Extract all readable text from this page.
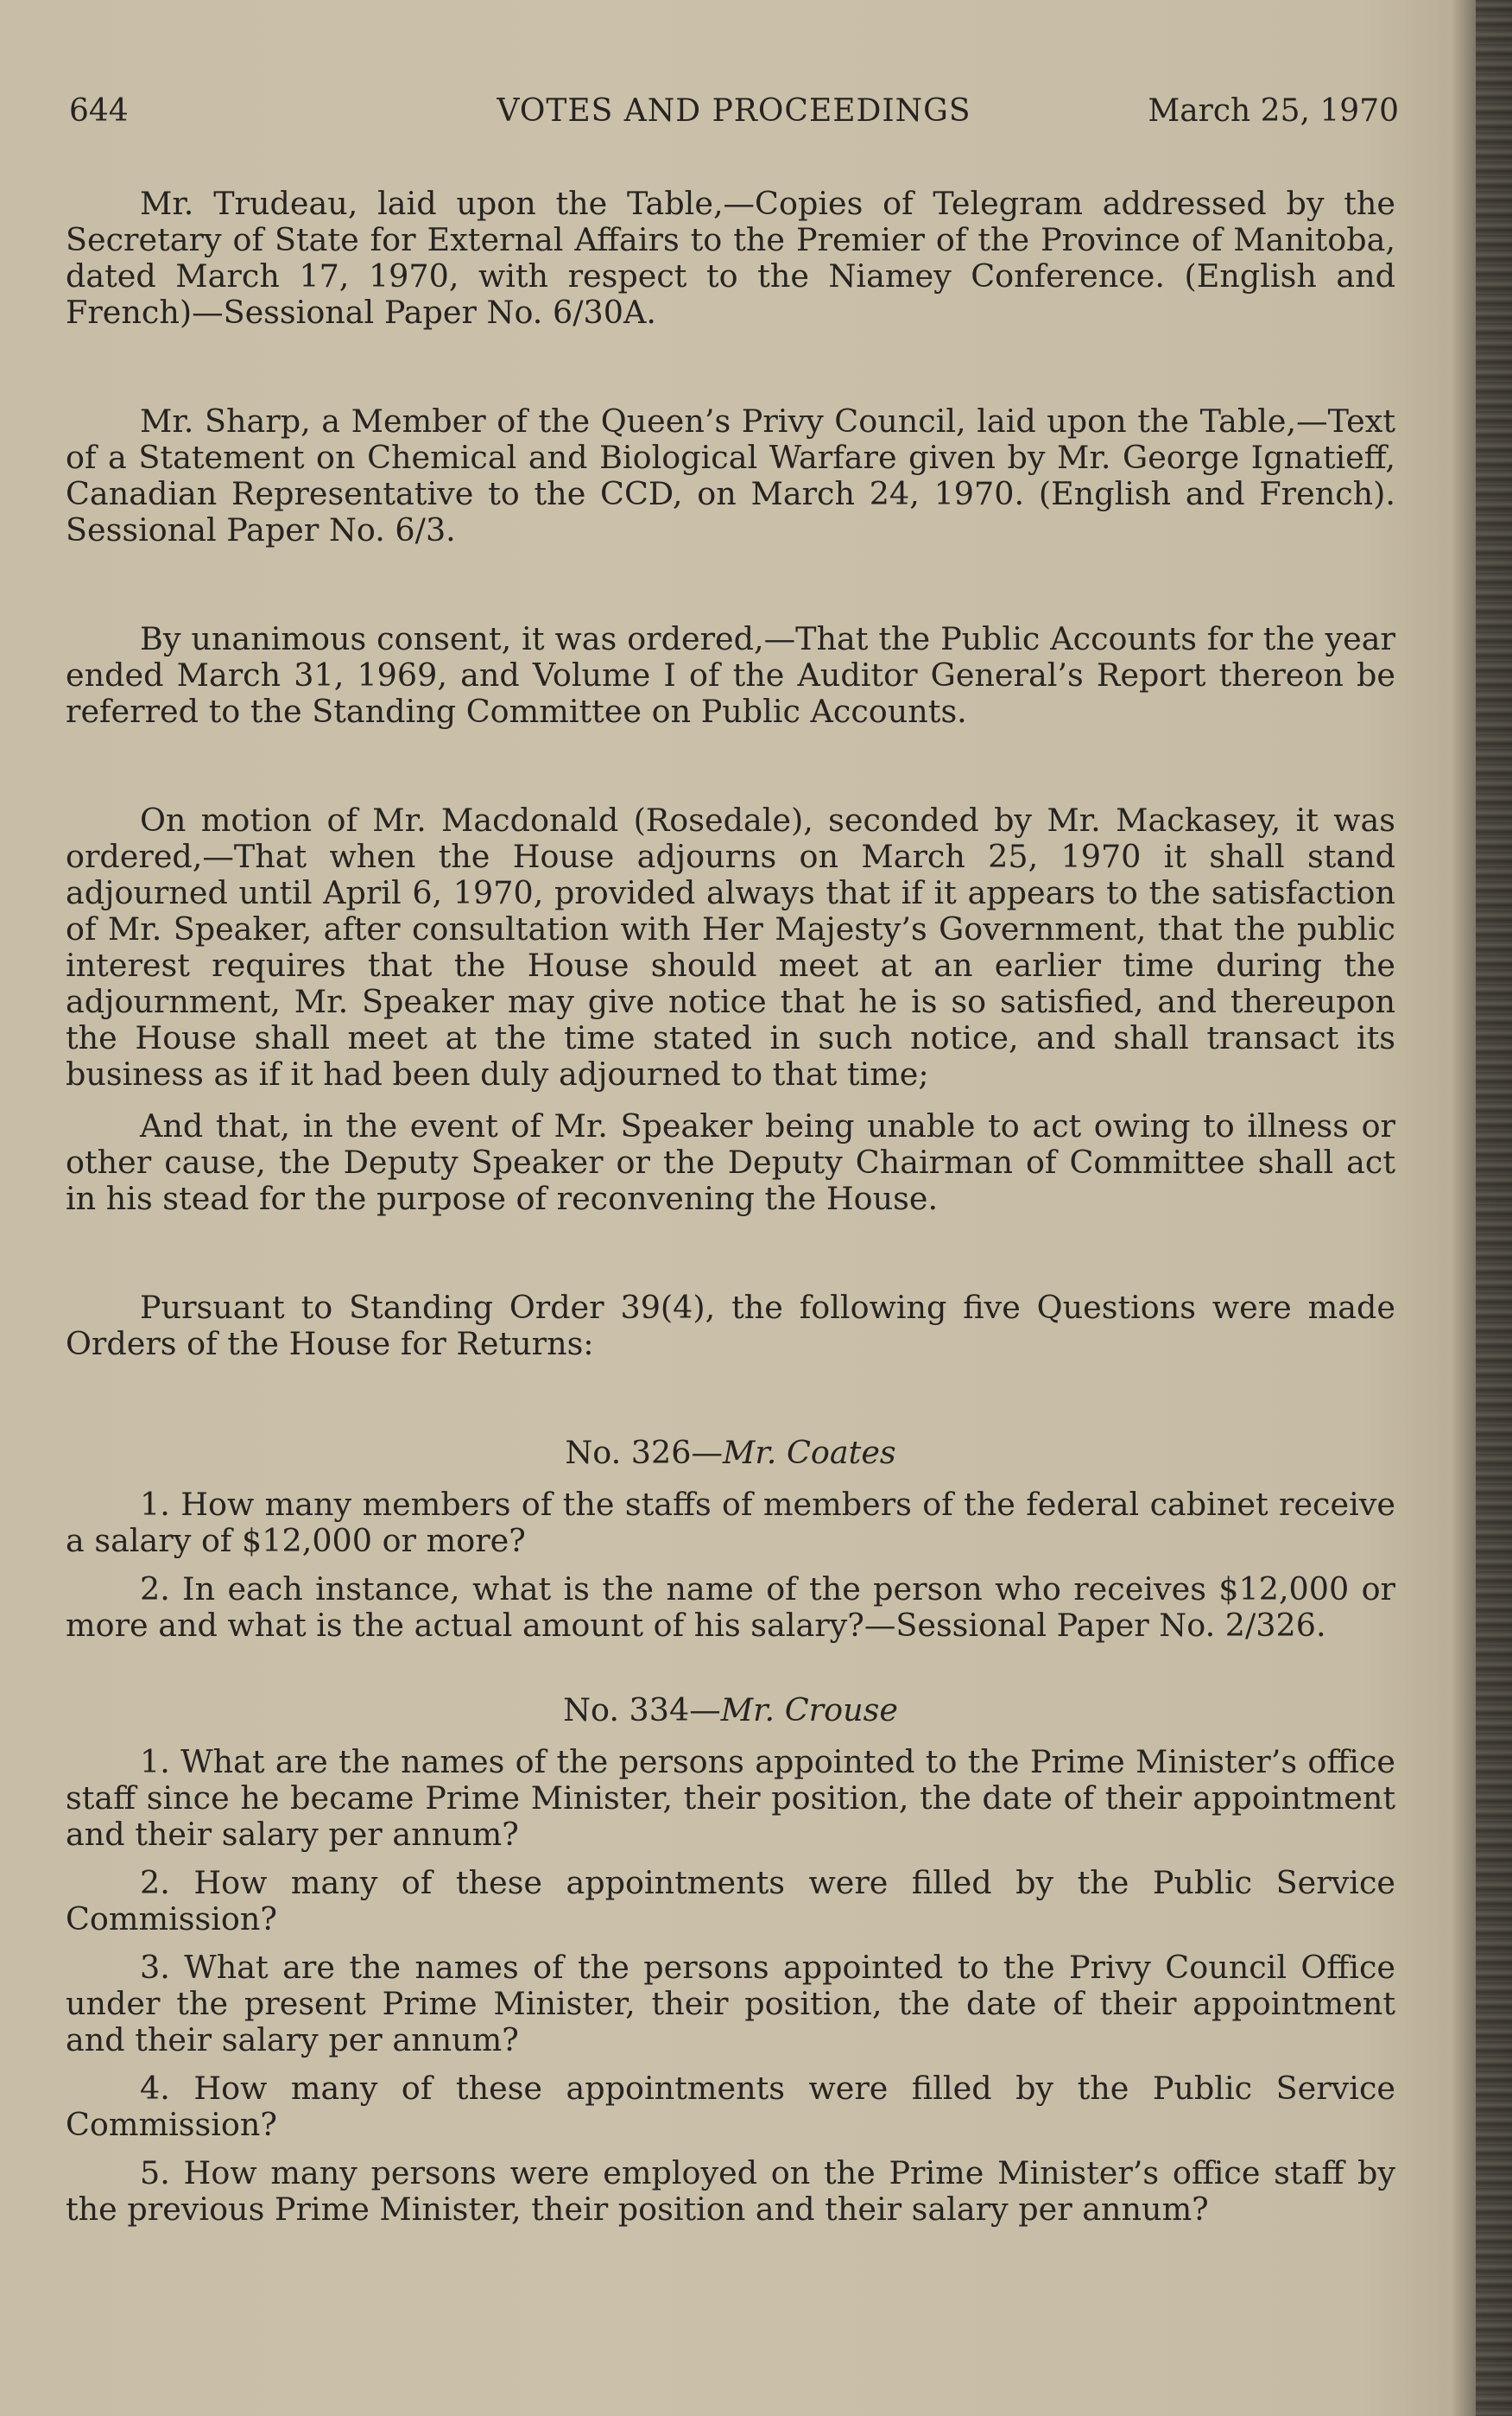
644	VOTES AND PROCEEDINGS	March 25, 1970

Mr. Trudeau, laid upon the Table,—Copies of Telegram addressed by the Secretary of State for External Affairs to the Premier of the Province of Manitoba, dated March 17, 1970, with respect to the Niamey Conference. (English and French)—Sessional Paper No. 6/30A.

Mr. Sharp, a Member of the Queen’s Privy Council, laid upon the Table,—Text of a Statement on Chemical and Biological Warfare given by Mr. George Ignatieff, Canadian Representative to the CCD, on March 24, 1970. (English and French). Sessional Paper No. 6/3.

By unanimous consent, it was ordered,—That the Public Accounts for the year ended March 31, 1969, and Volume I of the Auditor General’s Report thereon be referred to the Standing Committee on Public Accounts.

On motion of Mr. Macdonald (Rosedale), seconded by Mr. Mackasey, it was ordered,—That when the House adjourns on March 25, 1970 it shall stand adjourned until April 6, 1970, provided always that if it appears to the satisfaction of Mr. Speaker, after consultation with Her Majesty’s Government, that the public interest requires that the House should meet at an earlier time during the adjournment, Mr. Speaker may give notice that he is so satisfied, and thereupon the House shall meet at the time stated in such notice, and shall transact its business as if it had been duly adjourned to that time;

And that, in the event of Mr. Speaker being unable to act owing to illness or other cause, the Deputy Speaker or the Deputy Chairman of Committee shall act in his stead for the purpose of reconvening the House.

Pursuant to Standing Order 39(4), the following five Questions were made Orders of the House for Returns:

No. 326—Mr. Coates

1. How many members of the staffs of members of the federal cabinet receive a salary of $12,000 or more?

2. In each instance, what is the name of the person who receives $12,000 or more and what is the actual amount of his salary?—Sessional Paper No. 2/326.

No. 334—Mr. Crouse

1. What are the names of the persons appointed to the Prime Minister’s office staff since he became Prime Minister, their position, the date of their appointment and their salary per annum?

2. How many of these appointments were filled by the Public Service Commission?

3. What are the names of the persons appointed to the Privy Council Office under the present Prime Minister, their position, the date of their appointment and their salary per annum?

4. How many of these appointments were filled by the Public Service Commission?

5. How many persons were employed on the Prime Minister’s office staff by the previous Prime Minister, their position and their salary per annum?
